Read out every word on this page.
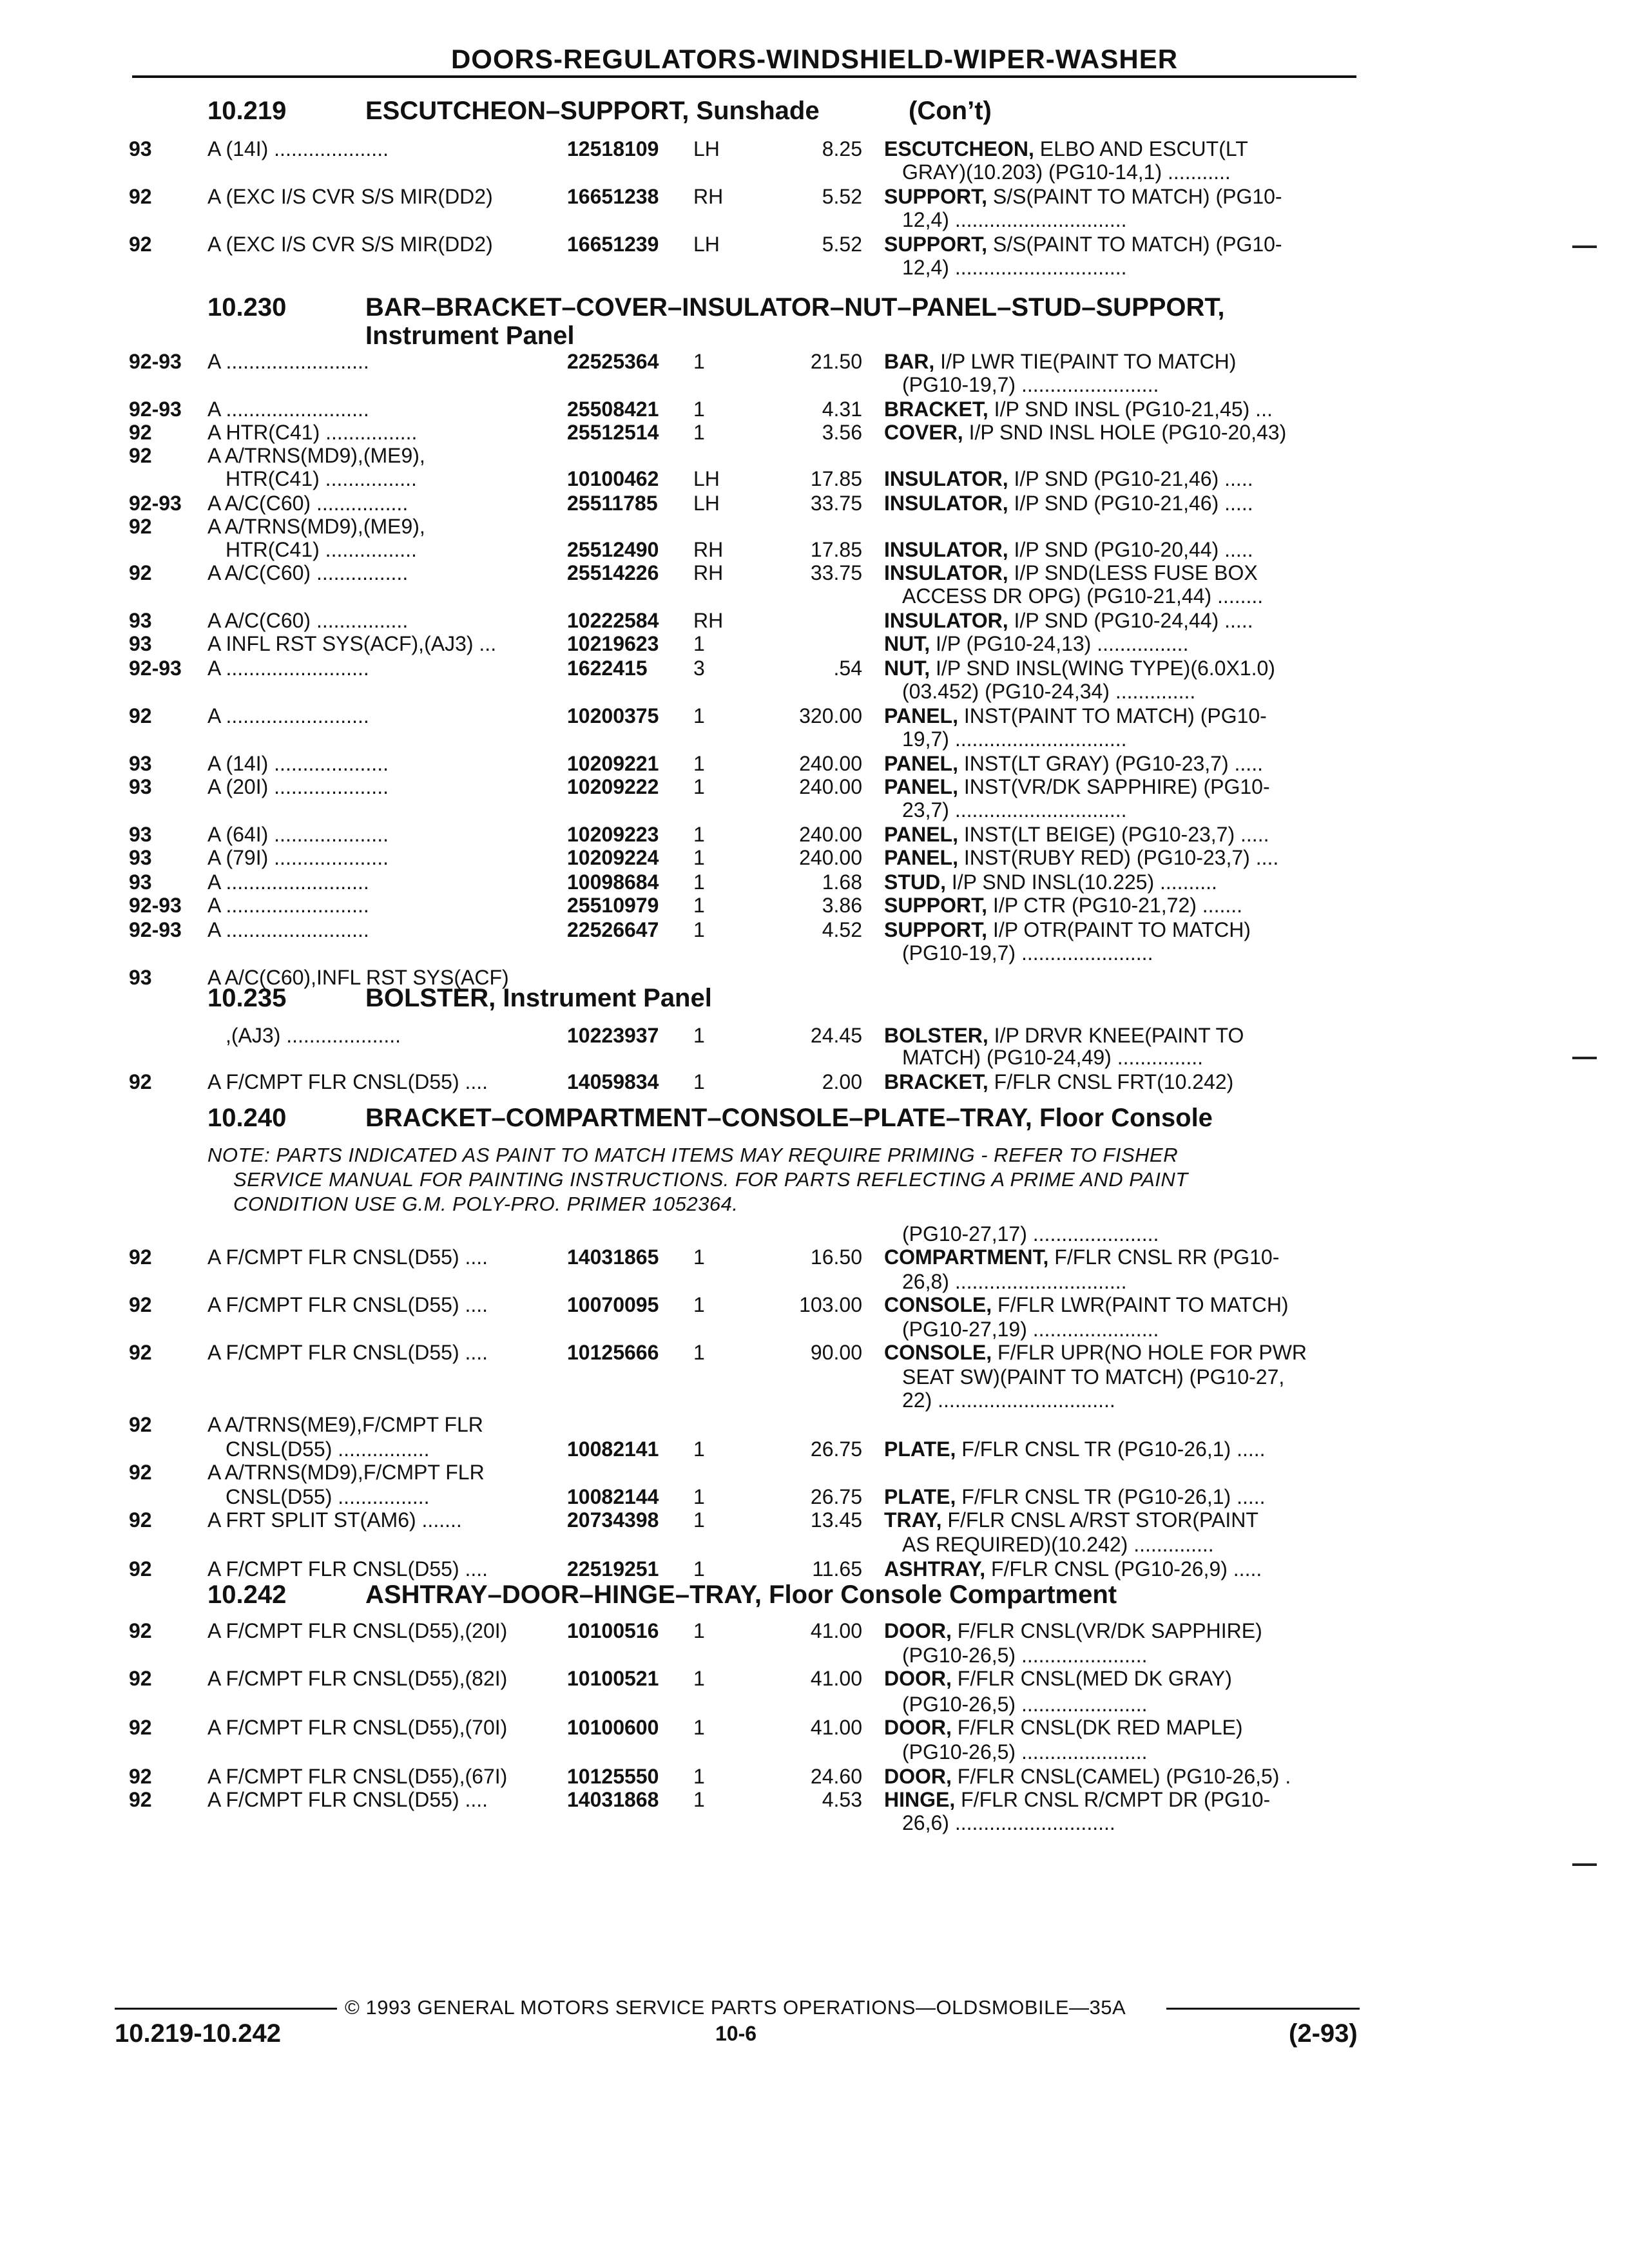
DOORS-REGULATORS-WINDSHIELD-WIPER-WASHER
10.219	ESCUTCHEON–SUPPORT, Sunshade	(Con’t)
10.230	BAR–BRACKET–COVER–INSULATOR–NUT–PANEL–STUD–SUPPORT,
Instrument Panel
10.235	BOLSTER, Instrument Panel
10.240	BRACKET–COMPARTMENT–CONSOLE–PLATE–TRAY, Floor Console
NOTE: PARTS INDICATED AS PAINT TO MATCH ITEMS MAY REQUIRE PRIMING - REFER TO FISHER
SERVICE MANUAL FOR PAINTING INSTRUCTIONS. FOR PARTS REFLECTING A PRIME AND PAINT
CONDITION USE G.M. POLY-PRO. PRIMER 1052364.
10.242	ASHTRAY–DOOR–HINGE–TRAY, Floor Console Compartment
93	A (14I) ....................	12518109 LH	8.25 ESCUTCHEON, ELBO AND ESCUT(LT
GRAY)(10.203) (PG10-14,1) ...........
92	A (EXC I/S CVR S/S MIR(DD2)	16651238 RH	5.52 SUPPORT, S/S(PAINT TO MATCH) (PG10-
12,4) ..............................
92	A (EXC I/S CVR S/S MIR(DD2)	16651239 LH	5.52 SUPPORT, S/S(PAINT TO MATCH) (PG10-
12,4) ..............................
92-93 A .........................	22525364 1	21.50 BAR, I/P LWR TIE(PAINT TO MATCH)
(PG10-19,7) ........................
92-93 A .........................	25508421 1	4.31 BRACKET, I/P SND INSL (PG10-21,45) ...
92	A HTR(C41) ................	25512514 1	3.56 COVER, I/P SND INSL HOLE (PG10-20,43)
92	A A/TRNS(MD9),(ME9),
HTR(C41) ................	10100462 LH	17.85 INSULATOR, I/P SND (PG10-21,46) .....
92-93 A A/C(C60) ................	25511785 LH	33.75 INSULATOR, I/P SND (PG10-21,46) .....
92	A A/TRNS(MD9),(ME9),
HTR(C41) ................	25512490 RH	17.85 INSULATOR, I/P SND (PG10-20,44) .....
92	A A/C(C60) ................	25514226 RH	33.75 INSULATOR, I/P SND(LESS FUSE BOX
ACCESS DR OPG) (PG10-21,44) ........
93	A A/C(C60) ................	10222584 RH	INSULATOR, I/P SND (PG10-24,44) .....
93	A INFL RST SYS(ACF),(AJ3) ...	10219623 1	NUT, I/P (PG10-24,13) ................
92-93 A .........................	1622415 3	.54 NUT, I/P SND INSL(WING TYPE)(6.0X1.0)
(03.452) (PG10-24,34) ..............
92	A .........................	10200375 1	320.00 PANEL, INST(PAINT TO MATCH) (PG10-
19,7) ..............................
93	A (14I) ....................	10209221 1	240.00 PANEL, INST(LT GRAY) (PG10-23,7) .....
93	A (20I) ....................	10209222 1	240.00 PANEL, INST(VR/DK SAPPHIRE) (PG10-
23,7) ..............................
93	A (64I) ....................	10209223 1	240.00 PANEL, INST(LT BEIGE) (PG10-23,7) .....
93	A (79I) ....................	10209224 1	240.00 PANEL, INST(RUBY RED) (PG10-23,7) ....
93	A .........................	10098684 1	1.68 STUD, I/P SND INSL(10.225) ..........
92-93 A .........................	25510979 1	3.86 SUPPORT, I/P CTR (PG10-21,72) .......
92-93 A .........................	22526647 1	4.52 SUPPORT, I/P OTR(PAINT TO MATCH)
(PG10-19,7) .......................
93	A A/C(C60),INFL RST SYS(ACF)
,(AJ3) ....................	10223937 1	24.45 BOLSTER, I/P DRVR KNEE(PAINT TO
MATCH) (PG10-24,49) ...............
92	A F/CMPT FLR CNSL(D55) ....	14059834 1	2.00 BRACKET, F/FLR CNSL FRT(10.242)
(PG10-27,17) ......................
92	A F/CMPT FLR CNSL(D55) ....	14031865 1	16.50 COMPARTMENT, F/FLR CNSL RR (PG10-
26,8) ..............................
92	A F/CMPT FLR CNSL(D55) ....	10070095 1	103.00 CONSOLE, F/FLR LWR(PAINT TO MATCH)
(PG10-27,19) ......................
92	A F/CMPT FLR CNSL(D55) ....	10125666 1	90.00 CONSOLE, F/FLR UPR(NO HOLE FOR PWR
SEAT SW)(PAINT TO MATCH) (PG10-27,
22) ...............................
92	A A/TRNS(ME9),F/CMPT FLR
CNSL(D55) ................	10082141 1	26.75 PLATE, F/FLR CNSL TR (PG10-26,1) .....
92	A A/TRNS(MD9),F/CMPT FLR
CNSL(D55) ................	10082144 1	26.75 PLATE, F/FLR CNSL TR (PG10-26,1) .....
92	A FRT SPLIT ST(AM6) .......	20734398 1	13.45 TRAY, F/FLR CNSL A/RST STOR(PAINT
AS REQUIRED)(10.242) ..............
92	A F/CMPT FLR CNSL(D55) ....	22519251 1	11.65 ASHTRAY, F/FLR CNSL (PG10-26,9) .....
92	A F/CMPT FLR CNSL(D55),(20I)	10100516 1	41.00 DOOR, F/FLR CNSL(VR/DK SAPPHIRE)
(PG10-26,5) ......................
92	A F/CMPT FLR CNSL(D55),(82I)	10100521 1	41.00 DOOR, F/FLR CNSL(MED DK GRAY)
(PG10-26,5) ......................
92	A F/CMPT FLR CNSL(D55),(70I)	10100600 1	41.00 DOOR, F/FLR CNSL(DK RED MAPLE)
(PG10-26,5) ......................
92	A F/CMPT FLR CNSL(D55),(67I)	10125550 1	24.60 DOOR, F/FLR CNSL(CAMEL) (PG10-26,5) .
92	A F/CMPT FLR CNSL(D55) ....	14031868 1	4.53 HINGE, F/FLR CNSL R/CMPT DR (PG10-
26,6) ............................
© 1993 GENERAL MOTORS SERVICE PARTS OPERATIONS—OLDSMOBILE—35A
10.219-10.242	10-6	(2-93)
